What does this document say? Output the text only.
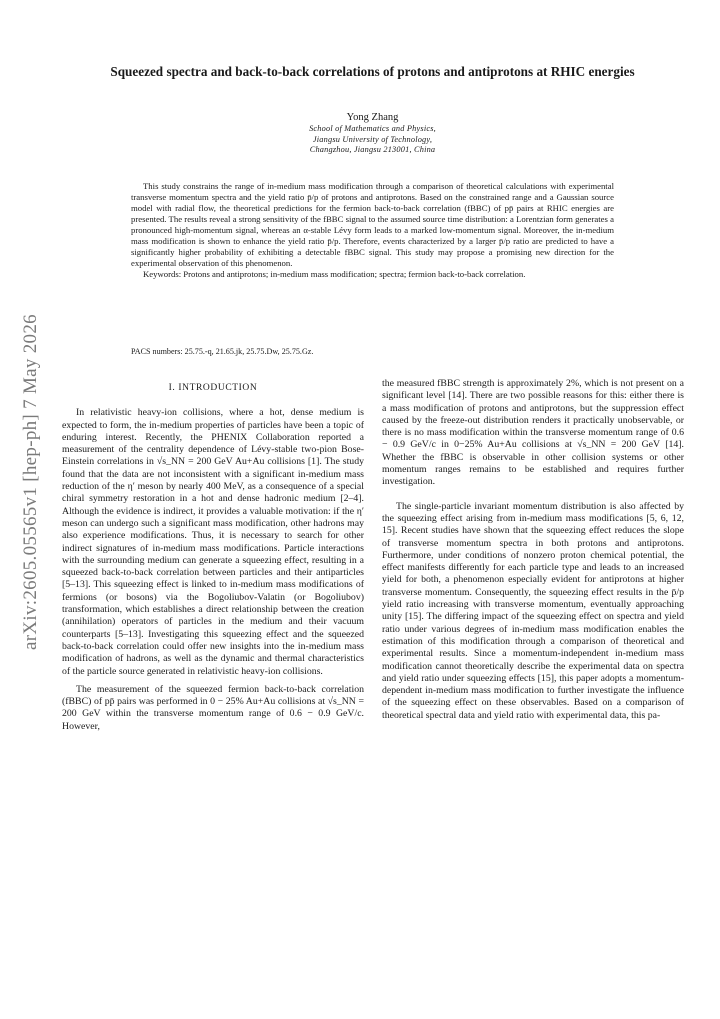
arXiv:2605.05565v1 [hep-ph] 7 May 2026
Squeezed spectra and back-to-back correlations of protons and antiprotons at RHIC energies
Yong Zhang
School of Mathematics and Physics,
Jiangsu University of Technology,
Changzhou, Jiangsu 213001, China

This study constrains the range of in-medium mass modification through a comparison of theoretical calculations with experimental transverse momentum spectra and the yield ratio p̄/p of protons and antiprotons. Based on the constrained range and a Gaussian source model with radial flow, the theoretical predictions for the fermion back-to-back correlation (fBBC) of pp̄ pairs at RHIC energies are presented. The results reveal a strong sensitivity of the fBBC signal to the assumed source time distribution: a Lorentzian form generates a pronounced high-momentum signal, whereas an α-stable Lévy form leads to a marked low-momentum signal. Moreover, the in-medium mass modification is shown to enhance the yield ratio p̄/p. Therefore, events characterized by a larger p̄/p ratio are predicted to have a significantly higher probability of exhibiting a detectable fBBC signal. This study may propose a promising new direction for the experimental observation of this phenomenon.

Keywords: Protons and antiprotons; in-medium mass modification; spectra; fermion back-to-back correlation.

PACS numbers: 25.75.-q, 21.65.jk, 25.75.Dw, 25.75.Gz.
I. INTRODUCTION

In relativistic heavy-ion collisions, where a hot, dense medium is expected to form, the in-medium properties of particles have been a topic of enduring interest. Recently, the PHENIX Collaboration reported a measurement of the centrality dependence of Lévy-stable two-pion Bose-Einstein correlations in √s_NN = 200 GeV Au+Au collisions [1]. The study found that the data are not inconsistent with a significant in-medium mass reduction of the η′ meson by nearly 400 MeV, as a consequence of a special chiral symmetry restoration in a hot and dense hadronic medium [2–4]. Although the evidence is indirect, it provides a valuable motivation: if the η′ meson can undergo such a significant mass modification, other hadrons may also experience modifications. Thus, it is necessary to search for other indirect signatures of in-medium mass modifications. Particle interactions with the surrounding medium can generate a squeezing effect, resulting in a squeezed back-to-back correlation between particles and their antiparticles [5–13]. This squeezing effect is linked to in-medium mass modifications of fermions (or bosons) via the Bogoliubov-Valatin (or Bogoliubov) transformation, which establishes a direct relationship between the creation (annihilation) operators of particles in the medium and their vacuum counterparts [5–13]. Investigating this squeezing effect and the squeezed back-to-back correlation could offer new insights into the in-medium mass modification of hadrons, as well as the dynamic and thermal characteristics of the particle source generated in relativistic heavy-ion collisions.

The measurement of the squeezed fermion back-to-back correlation (fBBC) of pp̄ pairs was performed in 0 − 25% Au+Au collisions at √s_NN = 200 GeV within the transverse momentum range of 0.6 − 0.9 GeV/c. However,

the measured fBBC strength is approximately 2%, which is not present on a significant level [14]. There are two possible reasons for this: either there is a mass modification of protons and antiprotons, but the suppression effect caused by the freeze-out distribution renders it practically unobservable, or there is no mass modification within the transverse momentum range of 0.6 − 0.9 GeV/c in 0−25% Au+Au collisions at √s_NN = 200 GeV [14]. Whether the fBBC is observable in other collision systems or other momentum ranges remains to be established and requires further investigation.

The single-particle invariant momentum distribution is also affected by the squeezing effect arising from in-medium mass modifications [5, 6, 12, 15]. Recent studies have shown that the squeezing effect reduces the slope of transverse momentum spectra in both protons and antiprotons. Furthermore, under conditions of nonzero proton chemical potential, the effect manifests differently for each particle type and leads to an increased yield for both, a phenomenon especially evident for antiprotons at higher transverse momentum. Consequently, the squeezing effect results in the p̄/p yield ratio increasing with transverse momentum, eventually approaching unity [15]. The differing impact of the squeezing effect on spectra and yield ratio under various degrees of in-medium mass modification enables the estimation of this modification through a comparison of theoretical and experimental results. Since a momentum-independent in-medium mass modification cannot theoretically describe the experimental data on spectra and yield ratio under squeezing effects [15], this paper adopts a momentum-dependent in-medium mass modification to further investigate the influence of the squeezing effect on these observables. Based on a comparison of theoretical spectral data and yield ratio with experimental data, this pa-
